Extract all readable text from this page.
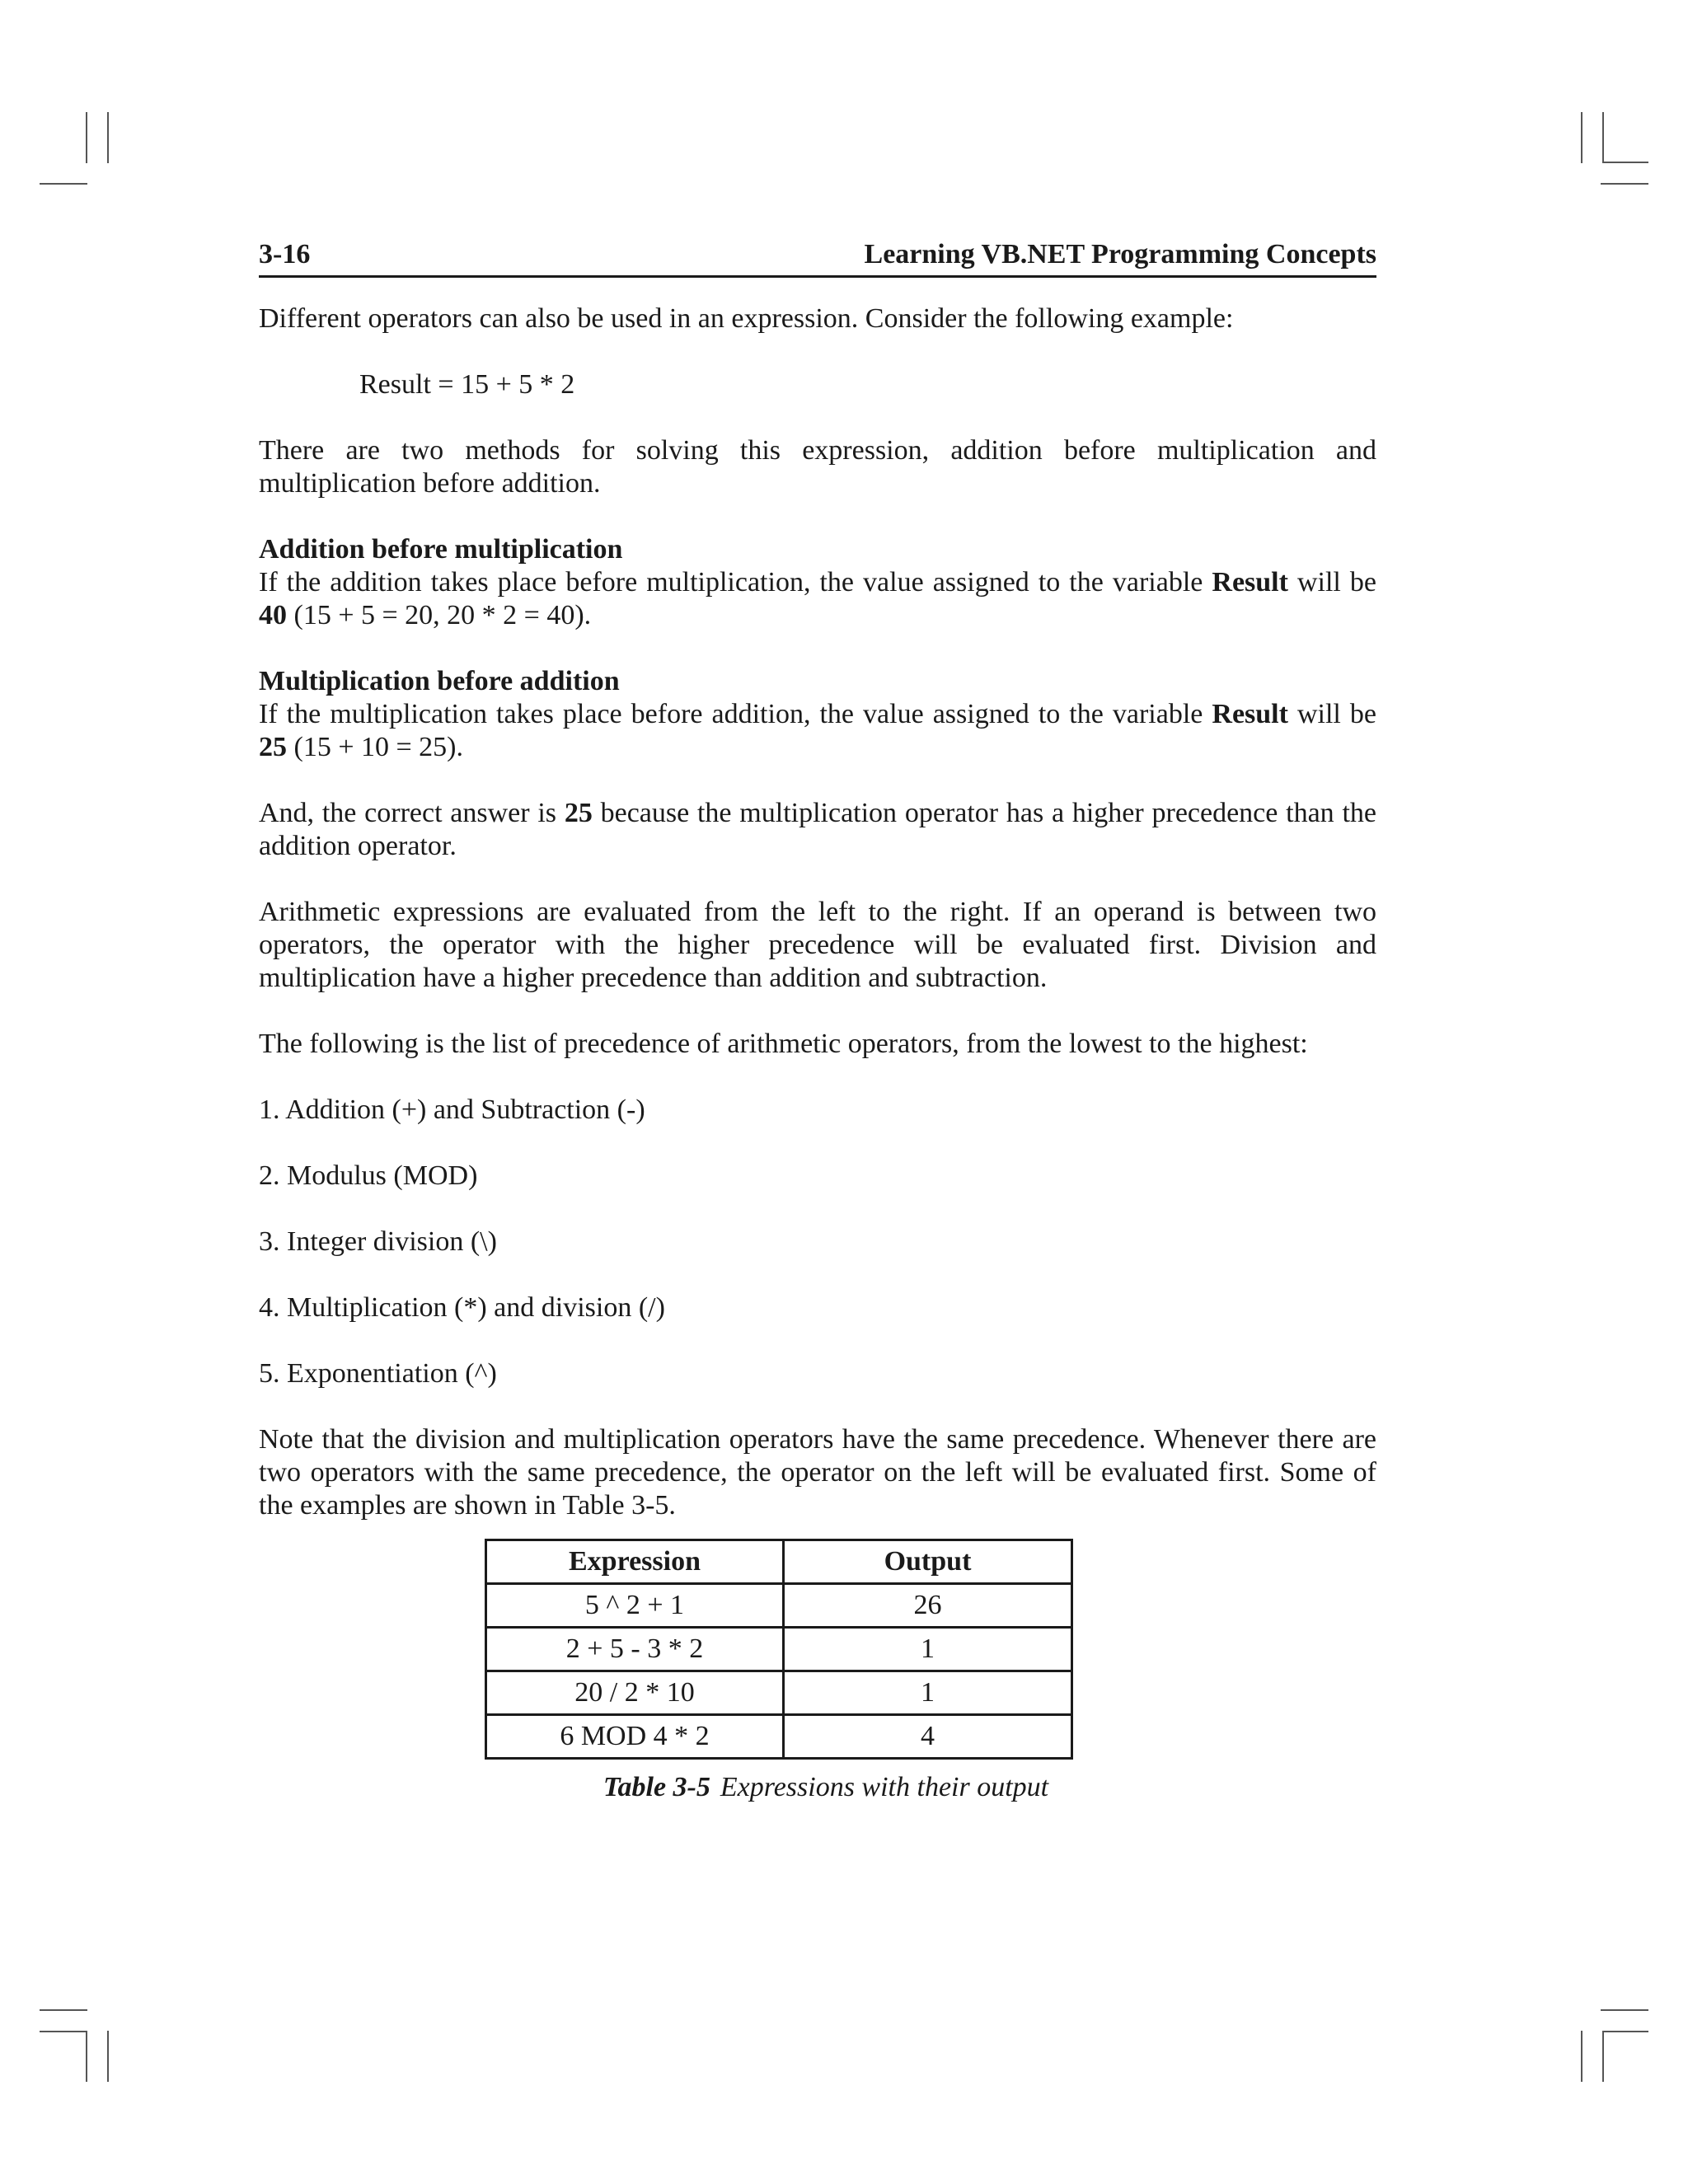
3-16	Learning VB.NET Programming Concepts

Different operators can also be used in an expression. Consider the following example:

Result = 15 + 5 * 2

There are two methods for solving this expression, addition before multiplication and multiplication before addition.

Addition before multiplication

If the addition takes place before multiplication, the value assigned to the variable Result will be 40 (15 + 5 = 20, 20 * 2 = 40).

Multiplication before addition

If the multiplication takes place before addition, the value assigned to the variable Result will be 25 (15 + 10 = 25).

And, the correct answer is 25 because the multiplication operator has a higher precedence than the addition operator.

Arithmetic expressions are evaluated from the left to the right. If an operand is between two operators, the operator with the higher precedence will be evaluated first. Division and multiplication have a higher precedence than addition and subtraction.

The following is the list of precedence of arithmetic operators, from the lowest to the highest:

1. Addition (+) and Subtraction (-)
2. Modulus (MOD)
3. Integer division (\)
4. Multiplication (*) and division (/)
5. Exponentiation (^)

Note that the division and multiplication operators have the same precedence. Whenever there are two operators with the same precedence, the operator on the left will be evaluated first. Some of the examples are shown in Table 3-5.

Expression	Output
5 ^ 2 + 1	26
2 + 5 - 3 * 2	1
20 / 2 * 10	1
6 MOD 4 * 2	4
Table 3-5 Expressions with their output
